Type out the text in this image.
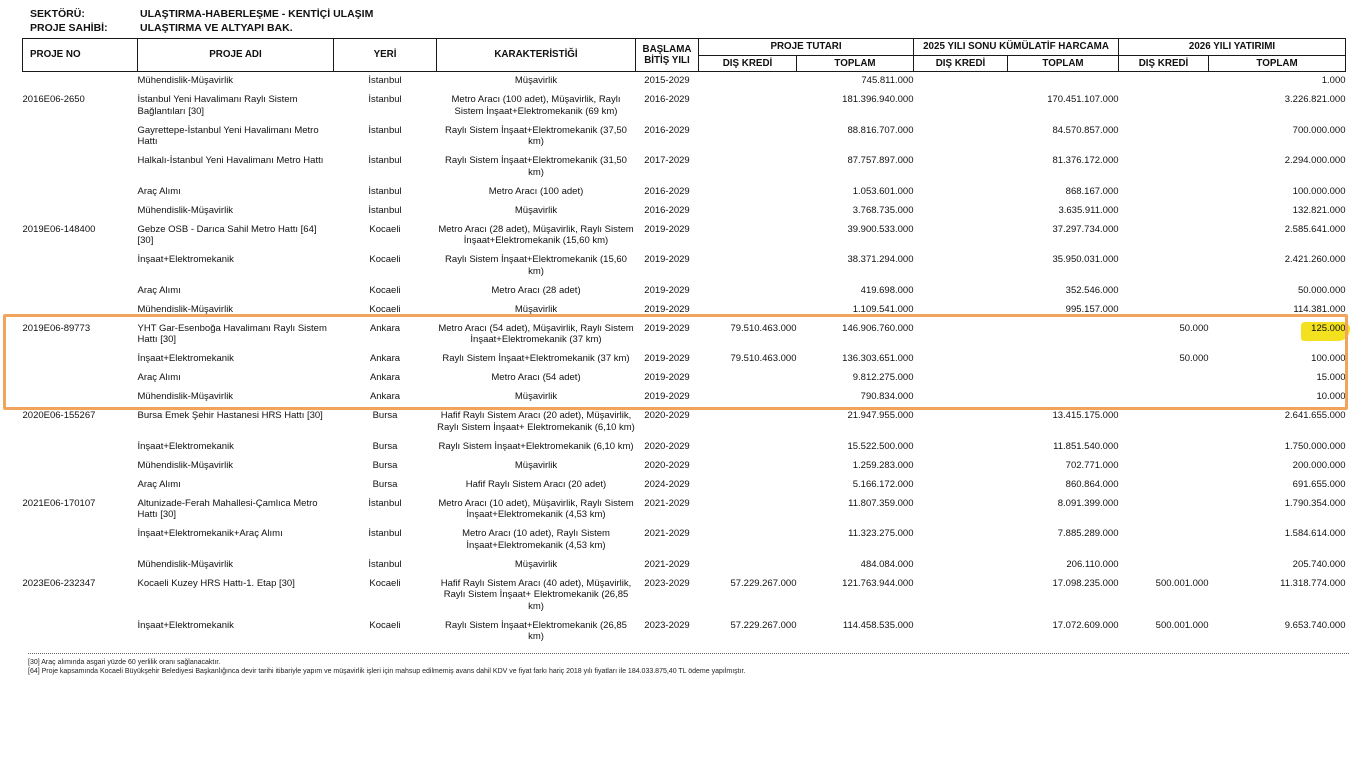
SEKTÖRÜ:	ULAŞTIRMA-HABERLEŞME - KENTİÇİ ULAŞIM
PROJE SAHİBİ:	ULAŞTIRMA VE ALTYAPI BAK.
PROJE NO	PROJE ADI	YERİ	KARAKTERİSTİĞİ	BAŞLAMA BİTİŞ YILI	PROJE TUTARI		2025 YILI SONU KÜMÜLATİF HARCAMA		2026 YILI YATIRIMI	
					DIŞ KREDİ	TOPLAM	DIŞ KREDİ	TOPLAM	DIŞ KREDİ	TOPLAM
	Mühendislik-Müşavirlik	İstanbul	Müşavirlik	2015-2029		745.811.000				1.000
2016E06-2650	İstanbul Yeni Havalimanı Raylı Sistem Bağlantıları [30]	İstanbul	Metro Aracı (100 adet), Müşavirlik, Raylı Sistem İnşaat+Elektromekanik (69 km)	2016-2029		181.396.940.000		170.451.107.000		3.226.821.000
	Gayrettepe-İstanbul Yeni Havalimanı Metro Hattı	İstanbul	Raylı Sistem İnşaat+Elektromekanik (37,50 km)	2016-2029		88.816.707.000		84.570.857.000		700.000.000
	Halkalı-İstanbul Yeni Havalimanı Metro Hattı	İstanbul	Raylı Sistem İnşaat+Elektromekanik (31,50 km)	2017-2029		87.757.897.000		81.376.172.000		2.294.000.000
	Araç Alımı	İstanbul	Metro Aracı (100 adet)	2016-2029		1.053.601.000		868.167.000		100.000.000
	Mühendislik-Müşavirlik	İstanbul	Müşavirlik	2016-2029		3.768.735.000		3.635.911.000		132.821.000
2019E06-148400	Gebze OSB - Darıca Sahil Metro Hattı [64] [30]	Kocaeli	Metro Aracı (28 adet), Müşavirlik, Raylı Sistem İnşaat+Elektromekanik (15,60 km)	2019-2029		39.900.533.000		37.297.734.000		2.585.641.000
	İnşaat+Elektromekanik	Kocaeli	Raylı Sistem İnşaat+Elektromekanik (15,60 km)	2019-2029		38.371.294.000		35.950.031.000		2.421.260.000
	Araç Alımı	Kocaeli	Metro Aracı (28 adet)	2019-2029		419.698.000		352.546.000		50.000.000
	Mühendislik-Müşavirlik	Kocaeli	Müşavirlik	2019-2029		1.109.541.000		995.157.000		114.381.000
2019E06-89773	YHT Gar-Esenboğa Havalimanı Raylı Sistem Hattı [30]	Ankara	Metro Aracı (54 adet), Müşavirlik, Raylı Sistem İnşaat+Elektromekanik (37 km)	2019-2029	79.510.463.000	146.906.760.000			50.000	125.000
	İnşaat+Elektromekanik	Ankara	Raylı Sistem İnşaat+Elektromekanik (37 km)	2019-2029	79.510.463.000	136.303.651.000			50.000	100.000
	Araç Alımı	Ankara	Metro Aracı (54 adet)	2019-2029		9.812.275.000				15.000
	Mühendislik-Müşavirlik	Ankara	Müşavirlik	2019-2029		790.834.000				10.000
2020E06-155267	Bursa Emek Şehir Hastanesi HRS Hattı [30]	Bursa	Hafif Raylı Sistem Aracı (20 adet), Müşavirlik, Raylı Sistem İnşaat+ Elektromekanik (6,10 km)	2020-2029		21.947.955.000		13.415.175.000		2.641.655.000
	İnşaat+Elektromekanik	Bursa	Raylı Sistem İnşaat+Elektromekanik (6,10 km)	2020-2029		15.522.500.000		11.851.540.000		1.750.000.000
	Mühendislik-Müşavirlik	Bursa	Müşavirlik	2020-2029		1.259.283.000		702.771.000		200.000.000
	Araç Alımı	Bursa	Hafif Raylı Sistem Aracı (20 adet)	2024-2029		5.166.172.000		860.864.000		691.655.000
2021E06-170107	Altunizade-Ferah Mahallesi-Çamlıca Metro Hattı [30]	İstanbul	Metro Aracı (10 adet), Müşavirlik, Raylı Sistem İnşaat+Elektromekanik (4,53 km)	2021-2029		11.807.359.000		8.091.399.000		1.790.354.000
	İnşaat+Elektromekanik+Araç Alımı	İstanbul	Metro Aracı (10 adet), Raylı Sistem İnşaat+Elektromekanik (4,53 km)	2021-2029		11.323.275.000		7.885.289.000		1.584.614.000
	Mühendislik-Müşavirlik	İstanbul	Müşavirlik	2021-2029		484.084.000		206.110.000		205.740.000
2023E06-232347	Kocaeli Kuzey HRS Hattı-1. Etap [30]	Kocaeli	Hafif Raylı Sistem Aracı (40 adet), Müşavirlik, Raylı Sistem İnşaat+ Elektromekanik (26,85 km)	2023-2029	57.229.267.000	121.763.944.000		17.098.235.000	500.001.000	11.318.774.000
	İnşaat+Elektromekanik	Kocaeli	Raylı Sistem İnşaat+Elektromekanik (26,85 km)	2023-2029	57.229.267.000	114.458.535.000		17.072.609.000	500.001.000	9.653.740.000
[30] Araç alımında asgari yüzde 60 yerlilik oranı sağlanacaktır.
[64] Proje kapsamında Kocaeli Büyükşehir Belediyesi Başkanlığınca devir tarihi itibariyle yapım ve müşavirlik işleri için mahsup edilmemiş avans dahil KDV ve fiyat farkı hariç 2018 yılı fiyatları ile 184.033.875,40 TL ödeme yapılmıştır.
